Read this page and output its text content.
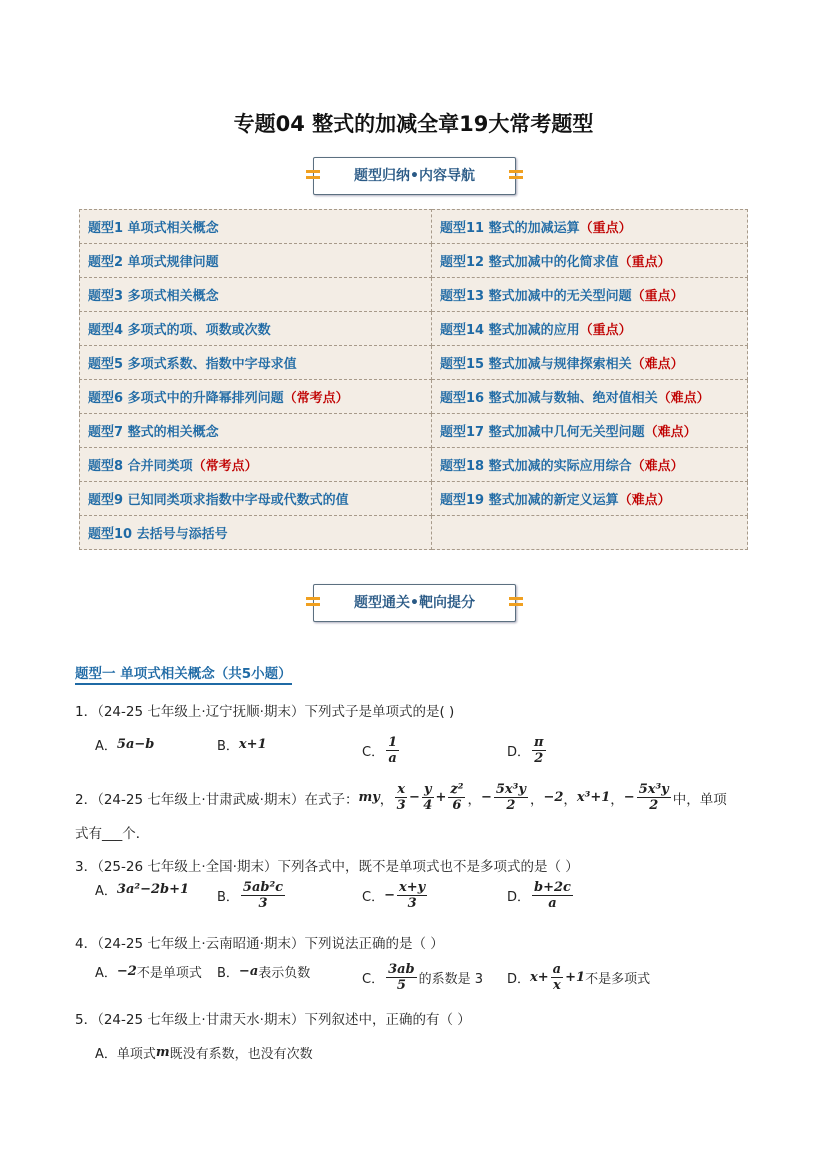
专题04 整式的加减全章19大常考题型
题型归纳•内容导航
题型1 单项式相关概念	题型11 整式的加减运算（重点）
题型2 单项式规律问题	题型12 整式加减中的化简求值（重点）
题型3 多项式相关概念	题型13 整式加减中的无关型问题（重点）
题型4 多项式的项、项数或次数	题型14 整式加减的应用（重点）
题型5 多项式系数、指数中字母求值	题型15 整式加减与规律探索相关（难点）
题型6 多项式中的升降幂排列问题（常考点）	题型16 整式加减与数轴、绝对值相关（难点）
题型7 整式的相关概念	题型17 整式加减中几何无关型问题（难点）
题型8 合并同类项（常考点）	题型18 整式加减的实际应用综合（难点）
题型9 已知同类项求指数中字母或代数式的值	题型19 整式加减的新定义运算（难点）
题型10 去括号与添括号	
题型通关•靶向提分
题型一 单项式相关概念（共5小题）
1．（24-25 七年级上·辽宁抚顺·期末）下列式子是单项式的是( )
A． 5a−b	B． x+1
C． $\frac{1}{a}$	D． $\frac{\pi}{2}$
2．（24-25 七年级上·甘肃武威·期末）在式子： my ， $\frac{x}{3} - \frac{y}{4} + \frac{\text{z²}}{6}$ ， − $\frac{\text{5x³y}}{2}$ ， −2 ， x³+1 ， − $\frac{\text{5x³y}}{2}$ 中，单项
式有___个．
3．（25-26 七年级上·全国·期末）下列各式中，既不是单项式也不是多项式的是（ ）
A． 3a²−2b+1
B． $\frac{\text{5ab²c}}{3}$	C． − $\frac{x+y}{3}$	D． $\frac{b+2c}{a}$
4．（24-25 七年级上·云南昭通·期末）下列说法正确的是（ ）
A． −2 不是单项式 B． −a 表示负数	C． $\frac{3ab}{5}$ 的系数是 3 D． $x+ \frac{a}{x} +1$ 不是多项式
5．（24-25 七年级上·甘肃天水·期末）下列叙述中，正确的有（ ）
A．单项式 m 既没有系数，也没有次数
